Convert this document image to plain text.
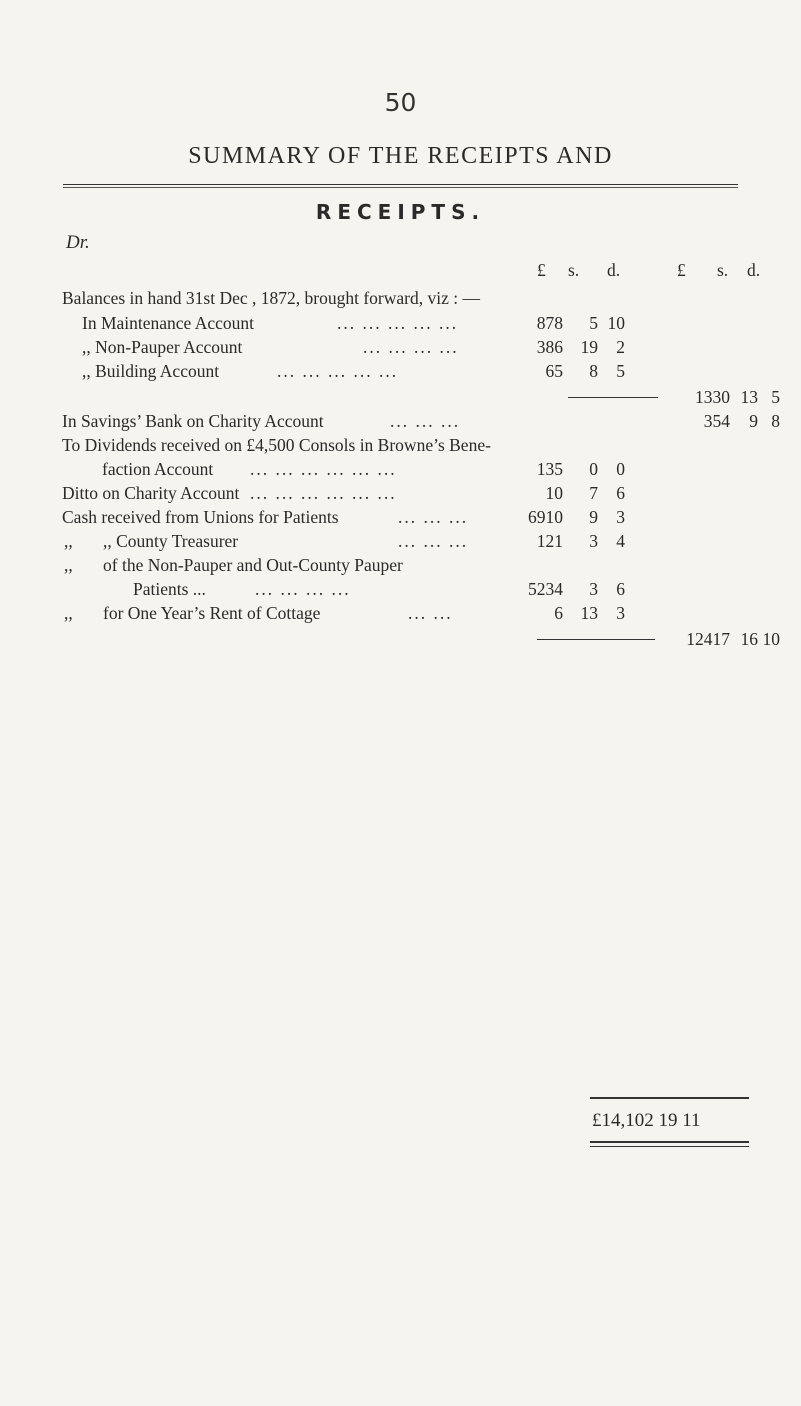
50
SUMMARY OF THE RECEIPTS AND
RECEIPTS.
Dr.
£ s. d.	£ s. d.
Balances in hand 31st Dec , 1872, brought forward, viz : —
In Maintenance Account	... ... ... ... ...	878	5 10
,, Non-Pauper Account	... ... ... ...	386	19	2
,, Building Account	... ... ... ... ...	65	8	5
1330 13 5
In Savings’ Bank on Charity Account	... ... ...	354	9 8
To Dividends received on £4,500 Consols in Browne’s Bene-
faction Account ... ... ... ... ... ...	135	0	0
Ditto on Charity Account ... ... ... ... ... ...	10	7	6
Cash received from Unions for Patients	... ... ...	6910	9	3
,, ,, County Treasurer	... ... ...	121	3	4
,, of the Non-Pauper and Out-County Pauper
Patients ...	... ... ... ...	5234	3	6
,, for One Year’s Rent of Cottage	... ...	6	13	3
12417 16 10
£14,102 19 11
